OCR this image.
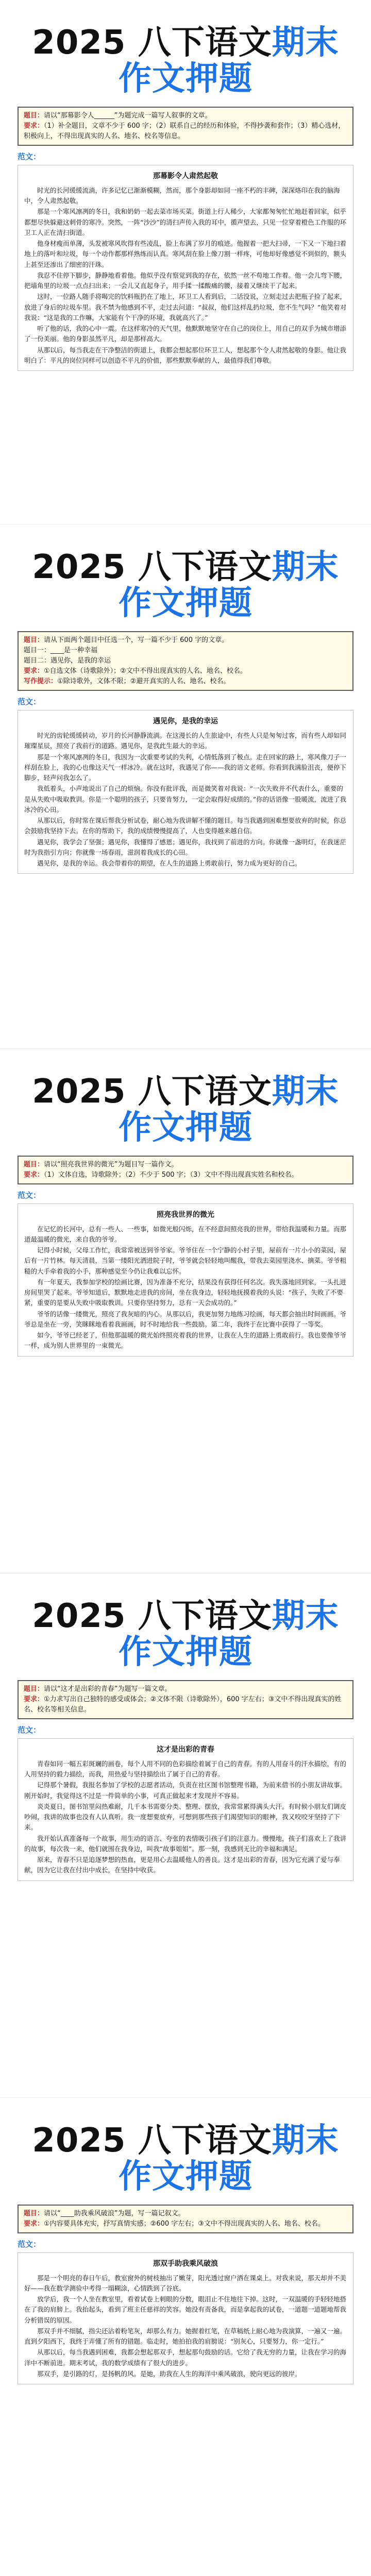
2025 八下语文期末作文押题

题目：请以“那幕影令人______”为题完成一篇写人叙事的文章。

要求：（1）补全题目，文章不少于 600 字；（2）联系自己的经历和体验，不得抄袭和套作；（3）精心选材，积极向上，不得出现真实的人名、地名、校名等信息。

范文：
那幕影令人肃然起敬

时光的长河缓缓流淌，许多记忆已渐渐模糊，然而，那个身影却如同一座不朽的丰碑，深深烙印在我的脑海中，令人肃然起敬。

那是一个寒风凛冽的冬日，我和奶奶一起去菜市场买菜。街道上行人稀少，大家都匆匆忙忙地赶着回家，似乎都想尽快躲避这刺骨的寒冷。突然，一阵“沙沙”的清扫声传入我的耳中，循声望去，只见一位穿着橙色工作服的环卫工人正在清扫街道。

他身材瘦而单薄，头发被寒风吹得有些凌乱，脸上布满了岁月的痕迹。他握着一把大扫帚，一下又一下地扫着地上的落叶和垃圾，每一个动作都那样熟练而认真。寒风刮在脸上像刀割一样疼，可他却好像感觉不到似的，额头上甚至还渗出了细密的汗珠。

我忍不住停下脚步，静静地看着他。他似乎没有察觉到我的存在，依然一丝不苟地工作着。他一会儿弯下腰，把墙角里的垃圾一点点扫出来；一会儿又直起身子，用手揉一揉酸痛的腰，接着又继续干了起来。

这时，一位路人随手将喝完的饮料瓶扔在了地上，环卫工人看到后，二话没说，立刻走过去把瓶子捡了起来，放进了身后的垃圾车里。我不禁为他感到不平，走过去问道：“叔叔，他们这样乱扔垃圾，您不生气吗？”他笑着对我说：“这是我的工作嘛，大家能有个干净的环境，我就高兴了。”

听了他的话，我的心中一震。在这样寒冷的天气里，他默默地坚守在自己的岗位上，用自己的双手为城市增添了一份美丽。他的身影虽然平凡，却是那样高大。

从那以后，每当我走在干净整洁的街道上，我都会想起那位环卫工人，想起那个令人肃然起敬的身影。他让我明白了：平凡的岗位同样可以创造不平凡的价值，那些默默奉献的人，最值得我们尊敬。

2025 八下语文期末作文押题

题目：请从下面两个题目中任选一个，写一篇不少于 600 字的文章。

题目一：____是一种幸福

题目二：遇见你，是我的幸运

要求：①自选文体（诗歌除外）；②文中不得出现真实的人名、地名、校名。

写作提示：①除诗歌外，文体不限；②避开真实的人名、地名、校名。

范文：
遇见你，是我的幸运

时光的齿轮缓缓转动，岁月的长河静静流淌。在这漫长的人生旅途中，有些人只是匆匆过客，而有些人却如同璀璨星辰，照亮了我前行的道路。遇见你，是我此生最大的幸运。

那是一个寒风凛冽的冬日，我因为一次重要考试的失利，心情低落到了极点。走在回家的路上，寒风像刀子一样刮在脸上，我的心也像这天气一样冰冷。就在这时，我遇见了你——我的语文老师。你看到我满脸沮丧，便停下脚步，轻声问我怎么了。

我低着头，小声地说出了自己的烦恼。你没有批评我，而是微笑着对我说：“一次失败并不代表什么，重要的是从失败中吸取教训。你是一个聪明的孩子，只要肯努力，一定会取得好成绩的。”你的话语像一股暖流，流进了我冰冷的心田。

从那以后，你时常在课后帮我分析试卷，耐心地为我讲解不懂的题目。每当我遇到困难想要放弃的时候，你总会鼓励我坚持下去。在你的帮助下，我的成绩慢慢提高了，人也变得越来越自信。

遇见你，我学会了坚强；遇见你，我懂得了感恩；遇见你，我找到了前进的方向。你就像一盏明灯，在我迷茫时为我指引方向；你就像一场春雨，滋润着我成长的心田。

遇见你，是我的幸运。我会带着你的期望，在人生的道路上勇敢前行，努力成为更好的自己。

2025 八下语文期末作文押题

题目：请以“照亮我世界的微光”为题目写一篇作文。

要求：（1）文体自选，诗歌除外；（2）不少于 500 字；（3）文中不得出现真实姓名和校名。

范文：
照亮我世界的微光

在记忆的长河中，总有一些人、一些事，如微光般闪烁，在不经意间照亮我的世界，带给我温暖和力量。而那道最温暖的微光，来自我的爷爷。

记得小时候，父母工作忙，我常常被送到爷爷家。爷爷住在一个宁静的小村子里，屋前有一片小小的菜园，屋后有一片竹林。每天清晨，当第一缕阳光洒进院子时，爷爷就会轻轻地叫醒我，带我去菜园里浇水、摘菜。爷爷粗糙的大手牵着我的小手，那种感觉至今仍让我难以忘怀。

有一年夏天，我参加学校的绘画比赛，因为准备不充分，结果没有获得任何名次。我失落地回到家，一头扎进房间里哭了起来。爷爷知道后，默默地走进我的房间，坐在我身边，轻轻地抚摸着我的头说：“孩子，失败了不要紧，重要的是要从失败中吸取教训。只要你坚持努力，总有一天会成功的。”

爷爷的话像一缕微光，照亮了我灰暗的内心。从那以后，我更加努力地练习绘画，每天都会抽出时间画画。爷爷总是坐在一旁，笑眯眯地看着我画画，时不时地给我一些鼓励。第二年，我终于在比赛中获得了一等奖。

如今，爷爷已经老了，但他那温暖的微光始终照亮着我的世界，让我在人生的道路上勇敢前行。我也要像爷爷一样，成为别人世界里的一束微光。

2025 八下语文期末作文押题

题目：请以“这才是出彩的青春”为题写一篇文章。

要求：①力求写出自己独特的感受或体会；②文体不限（诗歌除外），600 字左右；③文中不得出现真实的姓名、校名等相关信息。

范文：
这才是出彩的青春

青春如同一幅五彩斑斓的画卷，每个人用不同的色彩描绘着属于自己的青春。有的人用奋斗的汗水描绘，有的人用坚持的毅力描绘，而我，用热爱与坚持描绘出了属于自己的青春。

记得那个暑假，我报名参加了学校的志愿者活动，负责在社区图书馆整理书籍，为前来借书的小朋友讲故事。刚开始时，我觉得这不过是一件简单的小事，可真正做起来才发现并不容易。

炎炎夏日，图书馆里闷热难耐，几千本书需要分类、整理、摆放，我常常累得满头大汗。有时候小朋友们调皮吵闹，我讲的故事也没有人认真听。我一度想要放弃，可想到那些孩子们渴望知识的眼神，我又咬咬牙坚持了下来。

我开始认真准备每一个故事，用生动的语言、夸张的表情吸引孩子们的注意力。慢慢地，孩子们喜欢上了我讲的故事，每次我一来，他们就围在我身边，叫我“故事姐姐”。那一刻，我感到无比的幸福和满足。

原来，青春不只是追逐梦想的热血，更是用心去温暖他人的善良。这才是出彩的青春，因为它充满了爱与奉献，因为它让我在付出中成长，在坚持中收获。

2025 八下语文期末作文押题

题目：请以“____助我乘风破浪”为题，写一篇记叙文。

要求：①内容要具体充实，抒写真情实感；②600 字左右；③文中不得出现真实的人名、地名、校名。

范文：
那双手助我乘风破浪

那是一个明亮的春日午后，教室窗外的树枝抽出了嫩芽，阳光透过窗户洒在课桌上。对我来说，那天却并不美好——我在数学测验中考得一塌糊涂，心情跌到了谷底。

放学后，我一个人坐在教室里，看着试卷上刺眼的分数，眼泪止不住地往下掉。这时，一双温暖的手轻轻地搭在了我的肩膀上。我抬起头，看到了班主任慈祥的笑容。她没有责备我，而是拿起我的试卷，一道题一道题地帮我分析错误的原因。

那双手并不细腻，指尖还沾着粉笔灰，却那么有力。她握着红笔，在草稿纸上耐心地为我演算，一遍又一遍。直到夕阳西下，我终于弄懂了所有的错题。临走时，她拍拍我的肩膀说：“别灰心，只要努力，你一定行。”

从那以后，每当我遇到困难，我都会想起那双手，想起那句鼓励的话。它给了我无穷的力量，让我在学习的海洋中不断前进。期末考试，我的数学成绩有了很大的进步。

那双手，是引路的灯，是扬帆的风。是她，助我在人生的海洋中乘风破浪，驶向更远的彼岸。
